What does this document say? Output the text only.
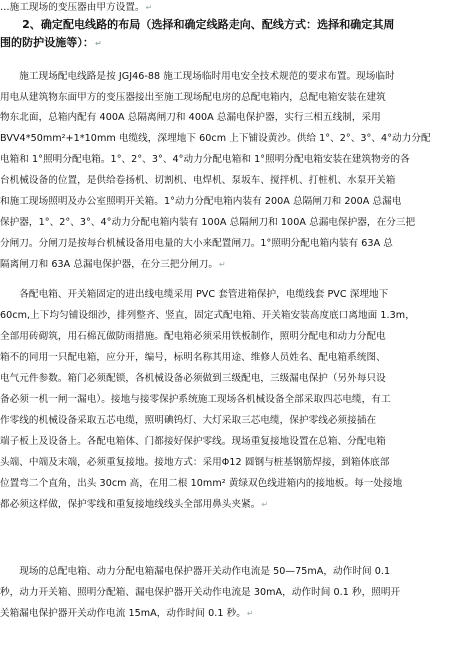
…施工现场的变压器由甲方设置。↵
　　2、确定配电线路的布局（选择和确定线路走向、配线方式：选择和确定其周
围的防护设施等）：↵
　　施工现场配电线路是按 JGJ46-88 施工现场临时用电安全技术规范的要求布置。现场临时
用电从建筑物东面甲方的变压器接出至施工现场配电房的总配电箱内，总配电箱安装在建筑
物东北面，总箱内配有 400A 总隔离闸刀和 400A 总漏电保护器，实行三相五线制，采用
BVV4*50mm²+1*10mm 电缆线，深埋地下 60cm 上下铺设黄沙。供给 1°、2°、3°、4°动力分配
电箱和 1°照明分配电箱。1°、2°、3°、4°动力分配电箱和 1°照明分配电箱安装在建筑物旁的各
台机械设备的位置，是供给卷扬机、切割机、电焊机、泵坂车、搅拌机、打桩机、水泵开关箱
和施工现场照明及办公室照明开关箱。1°动力分配电箱内装有 200A 总隔闸刀和 200A 总漏电
保护器，1°、2°、3°、4°动力分配电箱内装有 100A 总隔闸刀和 100A 总漏电保护器，在分三把
分闸刀。分闸刀是按每台机械设备用电量的大小来配置闸刀。1°照明分配电箱内装有 63A 总
隔离闸刀和 63A 总漏电保护器，在分三把分闸刀。↵
　　各配电箱、开关箱固定的进出线电缆采用 PVC 套管进箱保护，电缆线套 PVC 深埋地下
60cm,上下均匀铺设细沙，排列整齐、竖直，固定式配电箱、开关箱安装高度底口离地面 1.3m，
全部用砖砌筑，用石棉瓦做防雨措施。配电箱必须采用铁板制作，照明分配电和动力分配电
箱不的同用一只配电箱，应分开，编号，标明名称其用途、维修人员姓名、配电箱系统图、
电气元件参数。箱门必须配锁，各机械设备必须做到三级配电，三级漏电保护（另外每只设
备必须一机一闸一漏电）。接地与接零保护系统施工现场各机械设备全部采取四芯电缆，有工
作零线的机械设备采取五芯电缆，照明碘钨灯、大灯采取三芯电缆，保护零线必须接插在
端子板上及设备上。各配电箱体、门都接好保护零线。现场重复接地设置在总箱、分配电箱
头端、中端及末端，必须重复接地。接地方式：采用Φ12 圆钢与桩基钢筋焊接，到箱体底部
位置弯二个直角，出头 30cm 高，在用二根 10mm² 黄绿双色线进箱内的接地板。每一处接地
都必须这样做，保护零线和重复接地线线头全部用鼻头夹紧。↵
　　现场的总配电箱、动力分配电箱漏电保护器开关动作电流是 50—75mA，动作时间 0.1
秒，动力开关箱、照明分配箱、漏电保护器开关动作电流是 30mA，动作时间 0.1 秒，照明开
关箱漏电保护器开关动作电流 15mA，动作时间 0.1 秒。↵
